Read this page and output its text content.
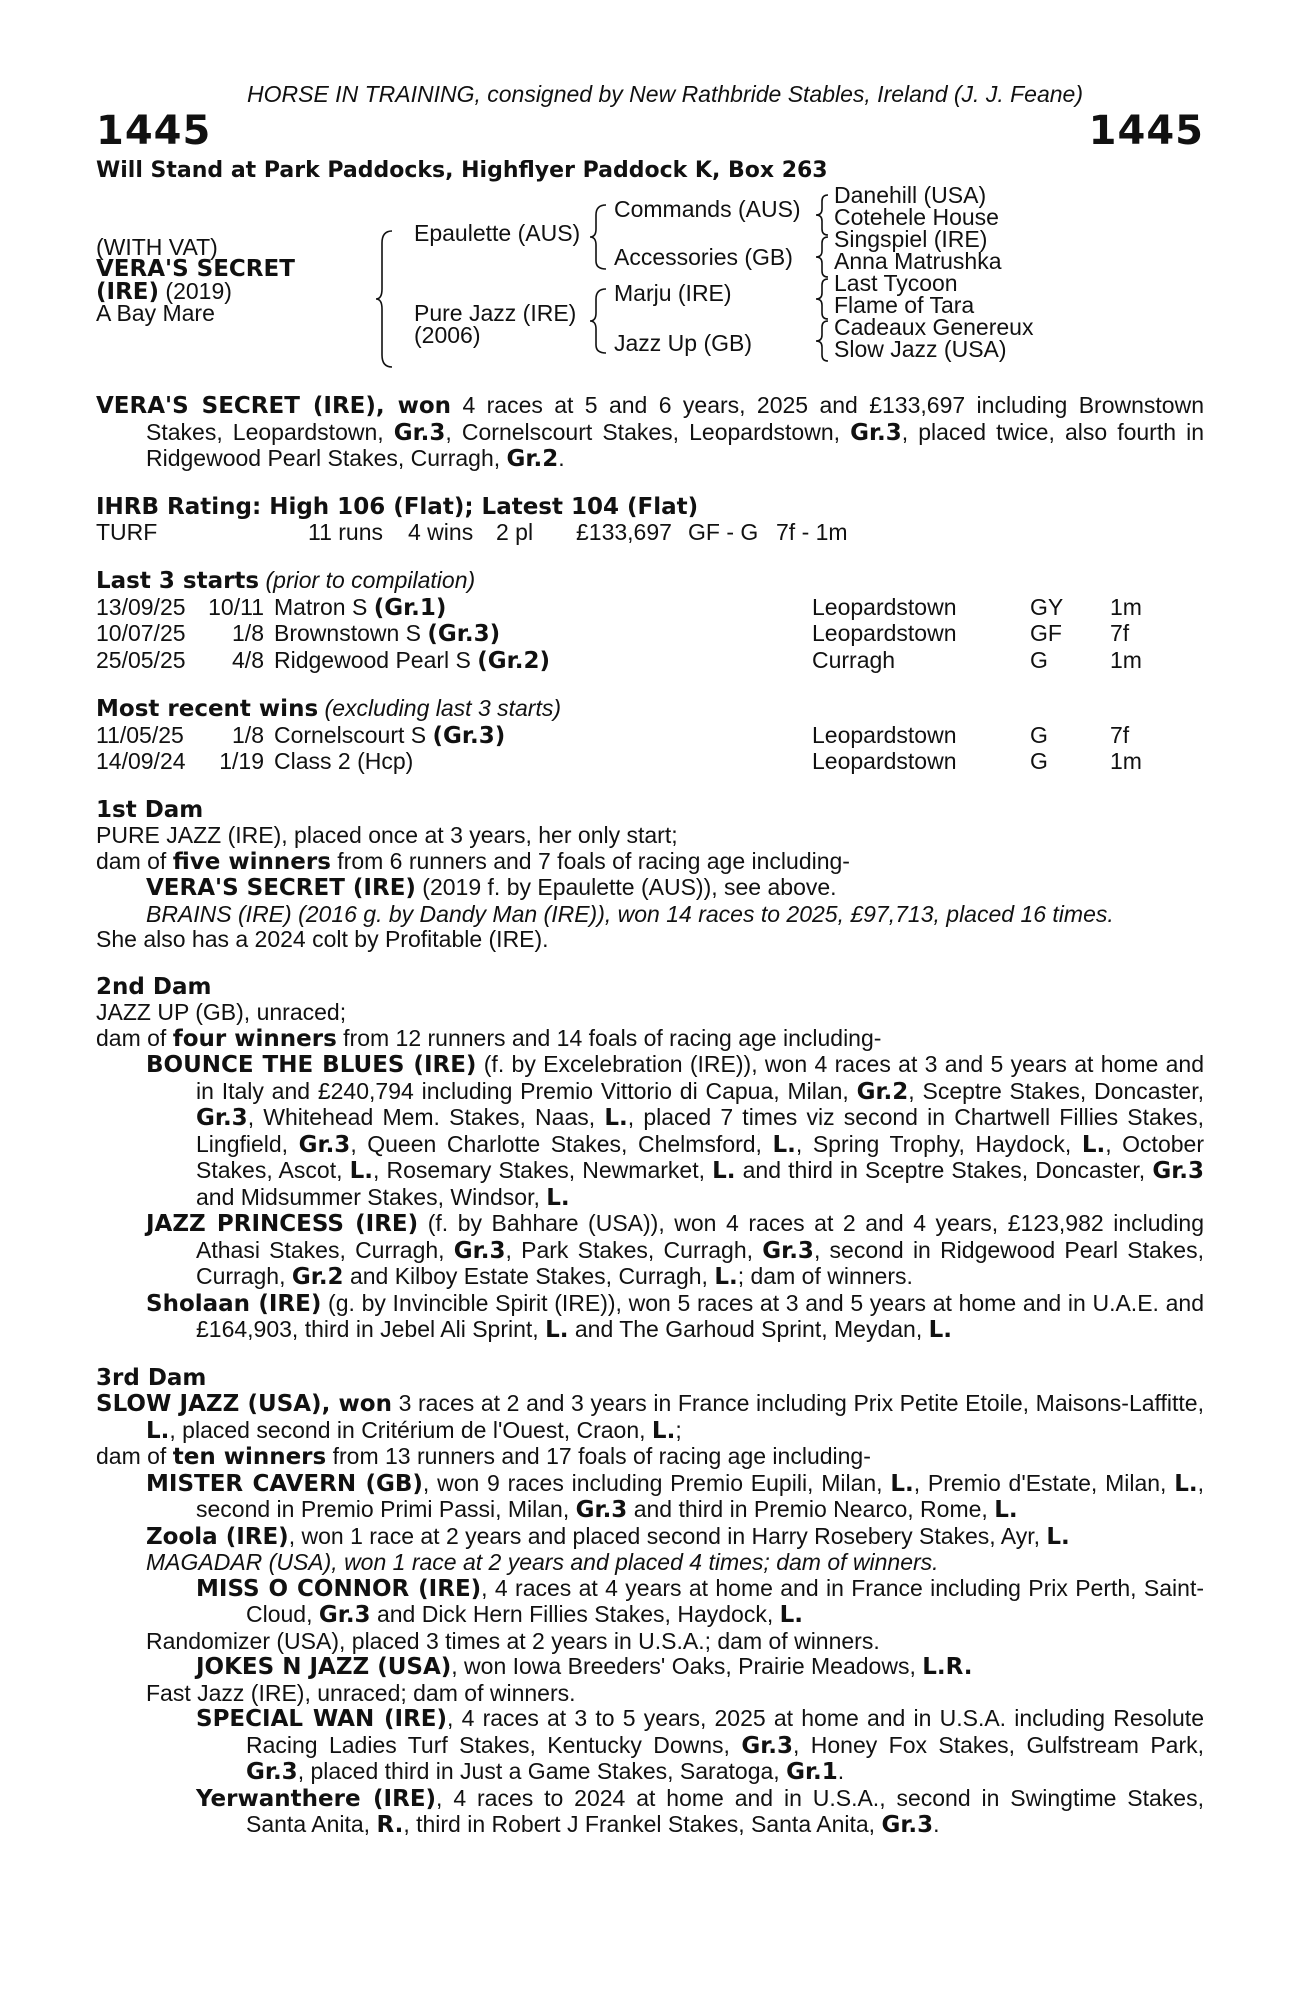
HORSE IN TRAINING, consigned by New Rathbride Stables, Ireland (J. J. Feane)
1445	1445
Will Stand at Park Paddocks, Highflyer Paddock K, Box 263
(WITH VAT)
VERA'S SECRET
(IRE) (2019)
A Bay Mare
Epaulette (AUS)
Pure Jazz (IRE)
(2006)
Commands (AUS)
Accessories (GB)
Marju (IRE)
Jazz Up (GB)
Danehill (USA)
Cotehele House
Singspiel (IRE)
Anna Matrushka
Last Tycoon
Flame of Tara
Cadeaux Genereux
Slow Jazz (USA)
VERA'S SECRET (IRE), won 4 races at 5 and 6 years, 2025 and £133,697 including Brownstown Stakes, Leopardstown, Gr.3, Cornelscourt Stakes, Leopardstown, Gr.3, placed twice, also fourth in Ridgewood Pearl Stakes, Curragh, Gr.2.
IHRB Rating: High 106 (Flat); Latest 104 (Flat)
TURF	11 runs 4 wins 2 pl £133,697 GF - G 7f - 1m
Last 3 starts (prior to compilation)
13/09/25	10/11	Matron S (Gr.1)	Leopardstown	GY	1m
10/07/25	1/8	Brownstown S (Gr.3)	Leopardstown	GF	7f
25/05/25	4/8	Ridgewood Pearl S (Gr.2)	Curragh	G	1m
Most recent wins (excluding last 3 starts)
11/05/25	1/8	Cornelscourt S (Gr.3)	Leopardstown	G	7f
14/09/24	1/19	Class 2 (Hcp)	Leopardstown	G	1m
1st Dam
PURE JAZZ (IRE), placed once at 3 years, her only start;
dam of five winners from 6 runners and 7 foals of racing age including-
VERA'S SECRET (IRE) (2019 f. by Epaulette (AUS)), see above.
BRAINS (IRE) (2016 g. by Dandy Man (IRE)), won 14 races to 2025, £97,713, placed 16 times.
She also has a 2024 colt by Profitable (IRE).
2nd Dam
JAZZ UP (GB), unraced;
dam of four winners from 12 runners and 14 foals of racing age including-
BOUNCE THE BLUES (IRE) (f. by Excelebration (IRE)), won 4 races at 3 and 5 years at home and in Italy and £240,794 including Premio Vittorio di Capua, Milan, Gr.2, Sceptre Stakes, Doncaster, Gr.3, Whitehead Mem. Stakes, Naas, L., placed 7 times viz second in Chartwell Fillies Stakes, Lingfield, Gr.3, Queen Charlotte Stakes, Chelmsford, L., Spring Trophy, Haydock, L., October Stakes, Ascot, L., Rosemary Stakes, Newmarket, L. and third in Sceptre Stakes, Doncaster, Gr.3 and Midsummer Stakes, Windsor, L.
JAZZ PRINCESS (IRE) (f. by Bahhare (USA)), won 4 races at 2 and 4 years, £123,982 including Athasi Stakes, Curragh, Gr.3, Park Stakes, Curragh, Gr.3, second in Ridgewood Pearl Stakes, Curragh, Gr.2 and Kilboy Estate Stakes, Curragh, L.; dam of winners.
Sholaan (IRE) (g. by Invincible Spirit (IRE)), won 5 races at 3 and 5 years at home and in U.A.E. and £164,903, third in Jebel Ali Sprint, L. and The Garhoud Sprint, Meydan, L.
3rd Dam
SLOW JAZZ (USA), won 3 races at 2 and 3 years in France including Prix Petite Etoile, Maisons-Laffitte, L., placed second in Critérium de l'Ouest, Craon, L.;
dam of ten winners from 13 runners and 17 foals of racing age including-
MISTER CAVERN (GB), won 9 races including Premio Eupili, Milan, L., Premio d'Estate, Milan, L., second in Premio Primi Passi, Milan, Gr.3 and third in Premio Nearco, Rome, L.
Zoola (IRE), won 1 race at 2 years and placed second in Harry Rosebery Stakes, Ayr, L.
MAGADAR (USA), won 1 race at 2 years and placed 4 times; dam of winners.
MISS O CONNOR (IRE), 4 races at 4 years at home and in France including Prix Perth, Saint-Cloud, Gr.3 and Dick Hern Fillies Stakes, Haydock, L.
Randomizer (USA), placed 3 times at 2 years in U.S.A.; dam of winners.
JOKES N JAZZ (USA), won Iowa Breeders' Oaks, Prairie Meadows, L.R.
Fast Jazz (IRE), unraced; dam of winners.
SPECIAL WAN (IRE), 4 races at 3 to 5 years, 2025 at home and in U.S.A. including Resolute Racing Ladies Turf Stakes, Kentucky Downs, Gr.3, Honey Fox Stakes, Gulfstream Park, Gr.3, placed third in Just a Game Stakes, Saratoga, Gr.1.
Yerwanthere (IRE), 4 races to 2024 at home and in U.S.A., second in Swingtime Stakes, Santa Anita, R., third in Robert J Frankel Stakes, Santa Anita, Gr.3.
